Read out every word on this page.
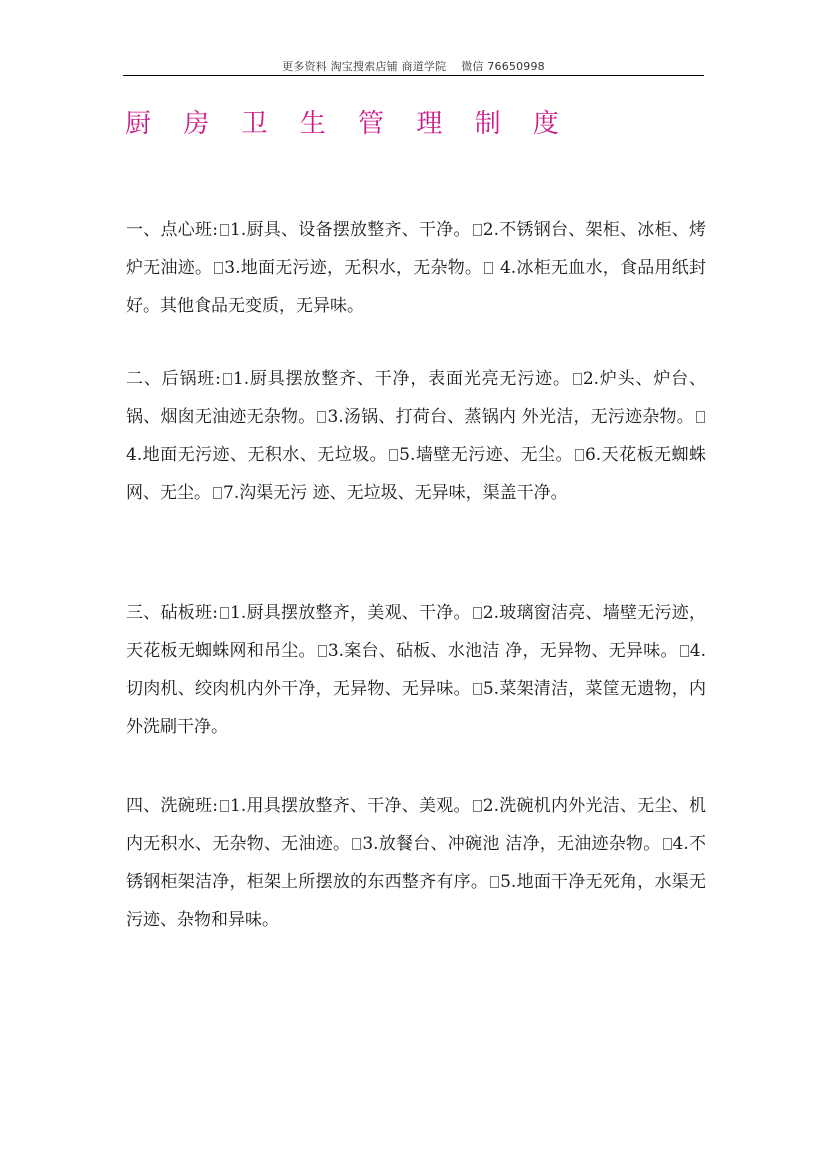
更多资料 淘宝搜索店铺 商道学院　 微信 76650998
厨 房 卫 生 管 理 制 度
一、点心班: 1.厨具、设备摆放整齐、干净。 2.不锈钢台、架柜、冰柜、烤炉无油迹。 3.地面无污迹，无积水，无杂物。 4.冰柜无血水，食品用纸封好。其他食品无变质，无异味。
二、后锅班: 1.厨具摆放整齐、干净，表面光亮无污迹。 2.炉头、炉台、锅、烟囱无油迹无杂物。 3.汤锅、打荷台、蒸锅内 外光洁，无污迹杂物。4.地面无污迹、无积水、无垃圾。 5.墙壁无污迹、无尘。 6.天花板无蜘蛛网、无尘。 7.沟渠无污 迹、无垃圾、无异味，渠盖干净。
三、砧板班: 1.厨具摆放整齐，美观、干净。 2.玻璃窗洁亮、墙壁无污迹，天花板无蜘蛛网和吊尘。 3.案台、砧板、水池洁 净，无异物、无异味。 4.切肉机、绞肉机内外干净，无异物、无异味。 5.菜架清洁，菜筐无遗物，内外洗刷干净。
四、洗碗班: 1.用具摆放整齐、干净、美观。 2.洗碗机内外光洁、无尘、机内无积水、无杂物、无油迹。 3.放餐台、冲碗池 洁净，无油迹杂物。 4.不锈钢柜架洁净，柜架上所摆放的东西整齐有序。 5.地面干净无死角，水渠无污迹、杂物和异味。
